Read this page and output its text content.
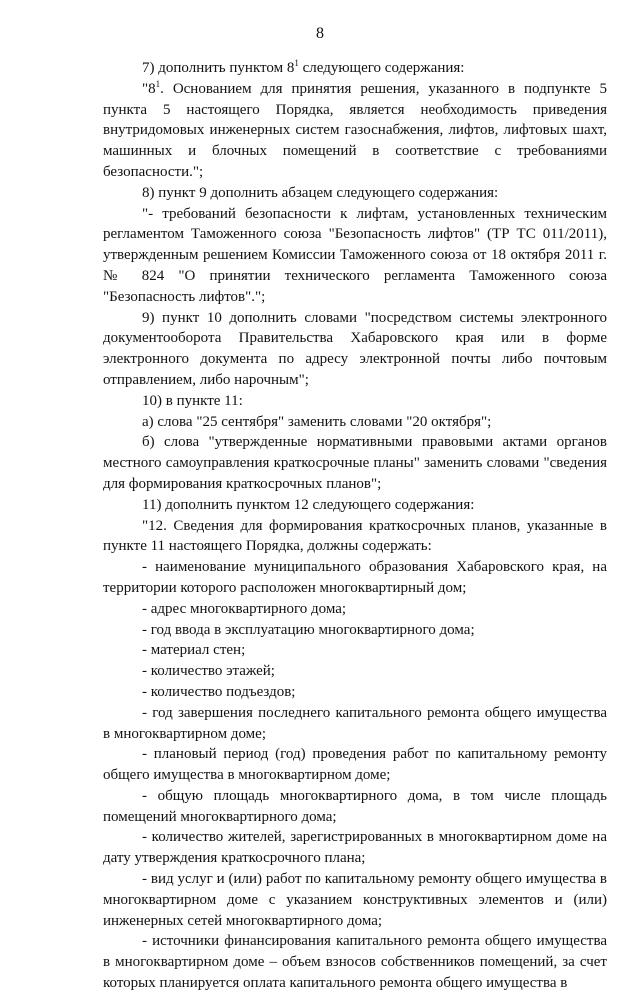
8

7) дополнить пунктом $8^1$ следующего содержания:

"$8^1$. Основанием для принятия решения, указанного в подпункте 5 пункта 5 настоящего Порядка, является необходимость приведения внутридомовых инженерных систем газоснабжения, лифтов, лифтовых шахт, машинных и блочных помещений в соответствие с требованиями безопасности.";

8) пункт 9 дополнить абзацем следующего содержания:

"- требований безопасности к лифтам, установленных техническим регламентом Таможенного союза "Безопасность лифтов" (ТР ТС 011/2011), утвержденным решением Комиссии Таможенного союза от 18 октября 2011 г. № 824 "О принятии технического регламента Таможенного союза "Безопасность лифтов".";

9) пункт 10 дополнить словами "посредством системы электронного документооборота Правительства Хабаровского края или в форме электронного документа по адресу электронной почты либо почтовым отправлением, либо нарочным";

10) в пункте 11:

а) слова "25 сентября" заменить словами "20 октября";

б) слова "утвержденные нормативными правовыми актами органов местного самоуправления краткосрочные планы" заменить словами "сведения для формирования краткосрочных планов";

11) дополнить пунктом 12 следующего содержания:

"12. Сведения для формирования краткосрочных планов, указанные в пункте 11 настоящего Порядка, должны содержать:

- наименование муниципального образования Хабаровского края, на территории которого расположен многоквартирный дом;

- адрес многоквартирного дома;

- год ввода в эксплуатацию многоквартирного дома;

- материал стен;

- количество этажей;

- количество подъездов;

- год завершения последнего капитального ремонта общего имущества в многоквартирном доме;

- плановый период (год) проведения работ по капитальному ремонту общего имущества в многоквартирном доме;

- общую площадь многоквартирного дома, в том числе площадь помещений многоквартирного дома;

- количество жителей, зарегистрированных в многоквартирном доме на дату утверждения краткосрочного плана;

- вид услуг и (или) работ по капитальному ремонту общего имущества в многоквартирном доме с указанием конструктивных элементов и (или) инженерных сетей многоквартирного дома;

- источники финансирования капитального ремонта общего имущества в многоквартирном доме – объем взносов собственников помещений, за счет которых планируется оплата капитального ремонта общего имущества в
